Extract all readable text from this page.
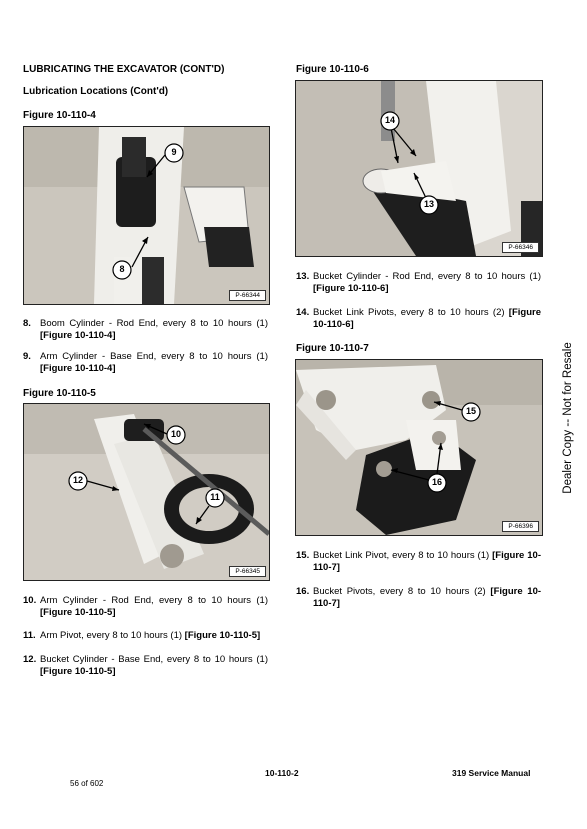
LUBRICATING THE EXCAVATOR (CONT'D)
Lubrication Locations (Cont'd)
Figure 10-110-4
P-66344
9
8
8. Boom Cylinder - Rod End, every 8 to 10 hours (1) [Figure 10-110-4]
9. Arm Cylinder - Base End, every 8 to 10 hours (1) [Figure 10-110-4]
Figure 10-110-5
P-66345
10
12
11
10. Arm Cylinder - Rod End, every 8 to 10 hours (1) [Figure 10-110-5]
11. Arm Pivot, every 8 to 10 hours (1) [Figure 10-110-5]
12. Bucket Cylinder - Base End, every 8 to 10 hours (1) [Figure 10-110-5]
Figure 10-110-6
P-66346
14
13
13. Bucket Cylinder - Rod End, every 8 to 10 hours (1) [Figure 10-110-6]
14. Bucket Link Pivots, every 8 to 10 hours (2) [Figure 10-110-6]
Figure 10-110-7
P-66396
15
16
15. Bucket Link Pivot, every 8 to 10 hours (1) [Figure 10-110-7]
16. Bucket Pivots, every 8 to 10 hours (2) [Figure 10-110-7]
Dealer Copy -- Not for Resale
56 of 602
10-110-2	319 Service Manual
